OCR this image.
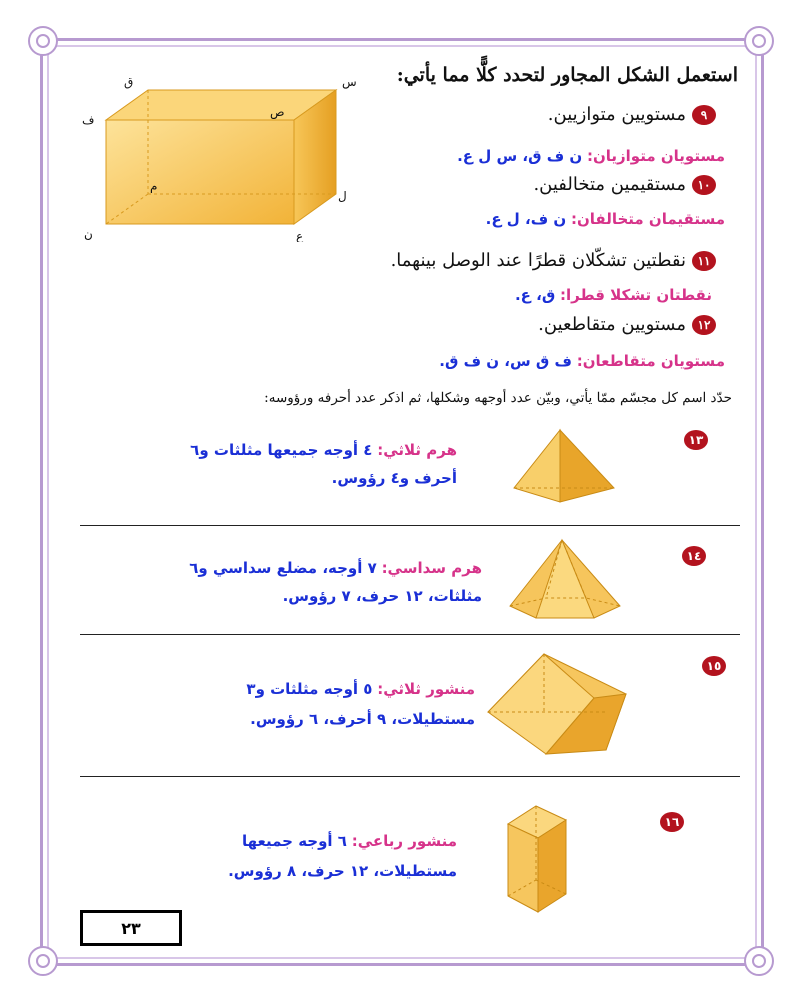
استعمل الشكل المجاور لتحدد كلًّا مما يأتي:
ق	س
ف
ص
م
ل
ن	ع
٩مستويين متوازيين.
مستويان متوازيان: ن ف ق، س ل ع.
١٠مستقيمين متخالفين.
مستقيمان متخالفان: ن ف، ل ع.
١١نقطتين تشكّلان قطرًا عند الوصل بينهما.
نقطتان تشكلا قطرا: ق، ع.
١٢مستويين متقاطعين.
مستويان متقاطعان: ف ق س، ن ف ق.
حدّد اسم كل مجسّم ممّا يأتي، وبيّن عدد أوجهه وشكلها، ثم اذكر عدد أحرفه ورؤوسه:
١٣
هرم ثلاثي: ٤ أوجه جميعها مثلثات و٦
أحرف و٤ رؤوس.
١٤
هرم سداسي: ٧ أوجه، مضلع سداسي و٦
مثلثات، ١٢ حرف، ٧ رؤوس.
١٥
منشور ثلاثي: ٥ أوجه مثلثات و٣
مستطيلات، ٩ أحرف، ٦ رؤوس.
١٦
منشور رباعي: ٦ أوجه جميعها
مستطيلات، ١٢ حرف، ٨ رؤوس.
٢٣
